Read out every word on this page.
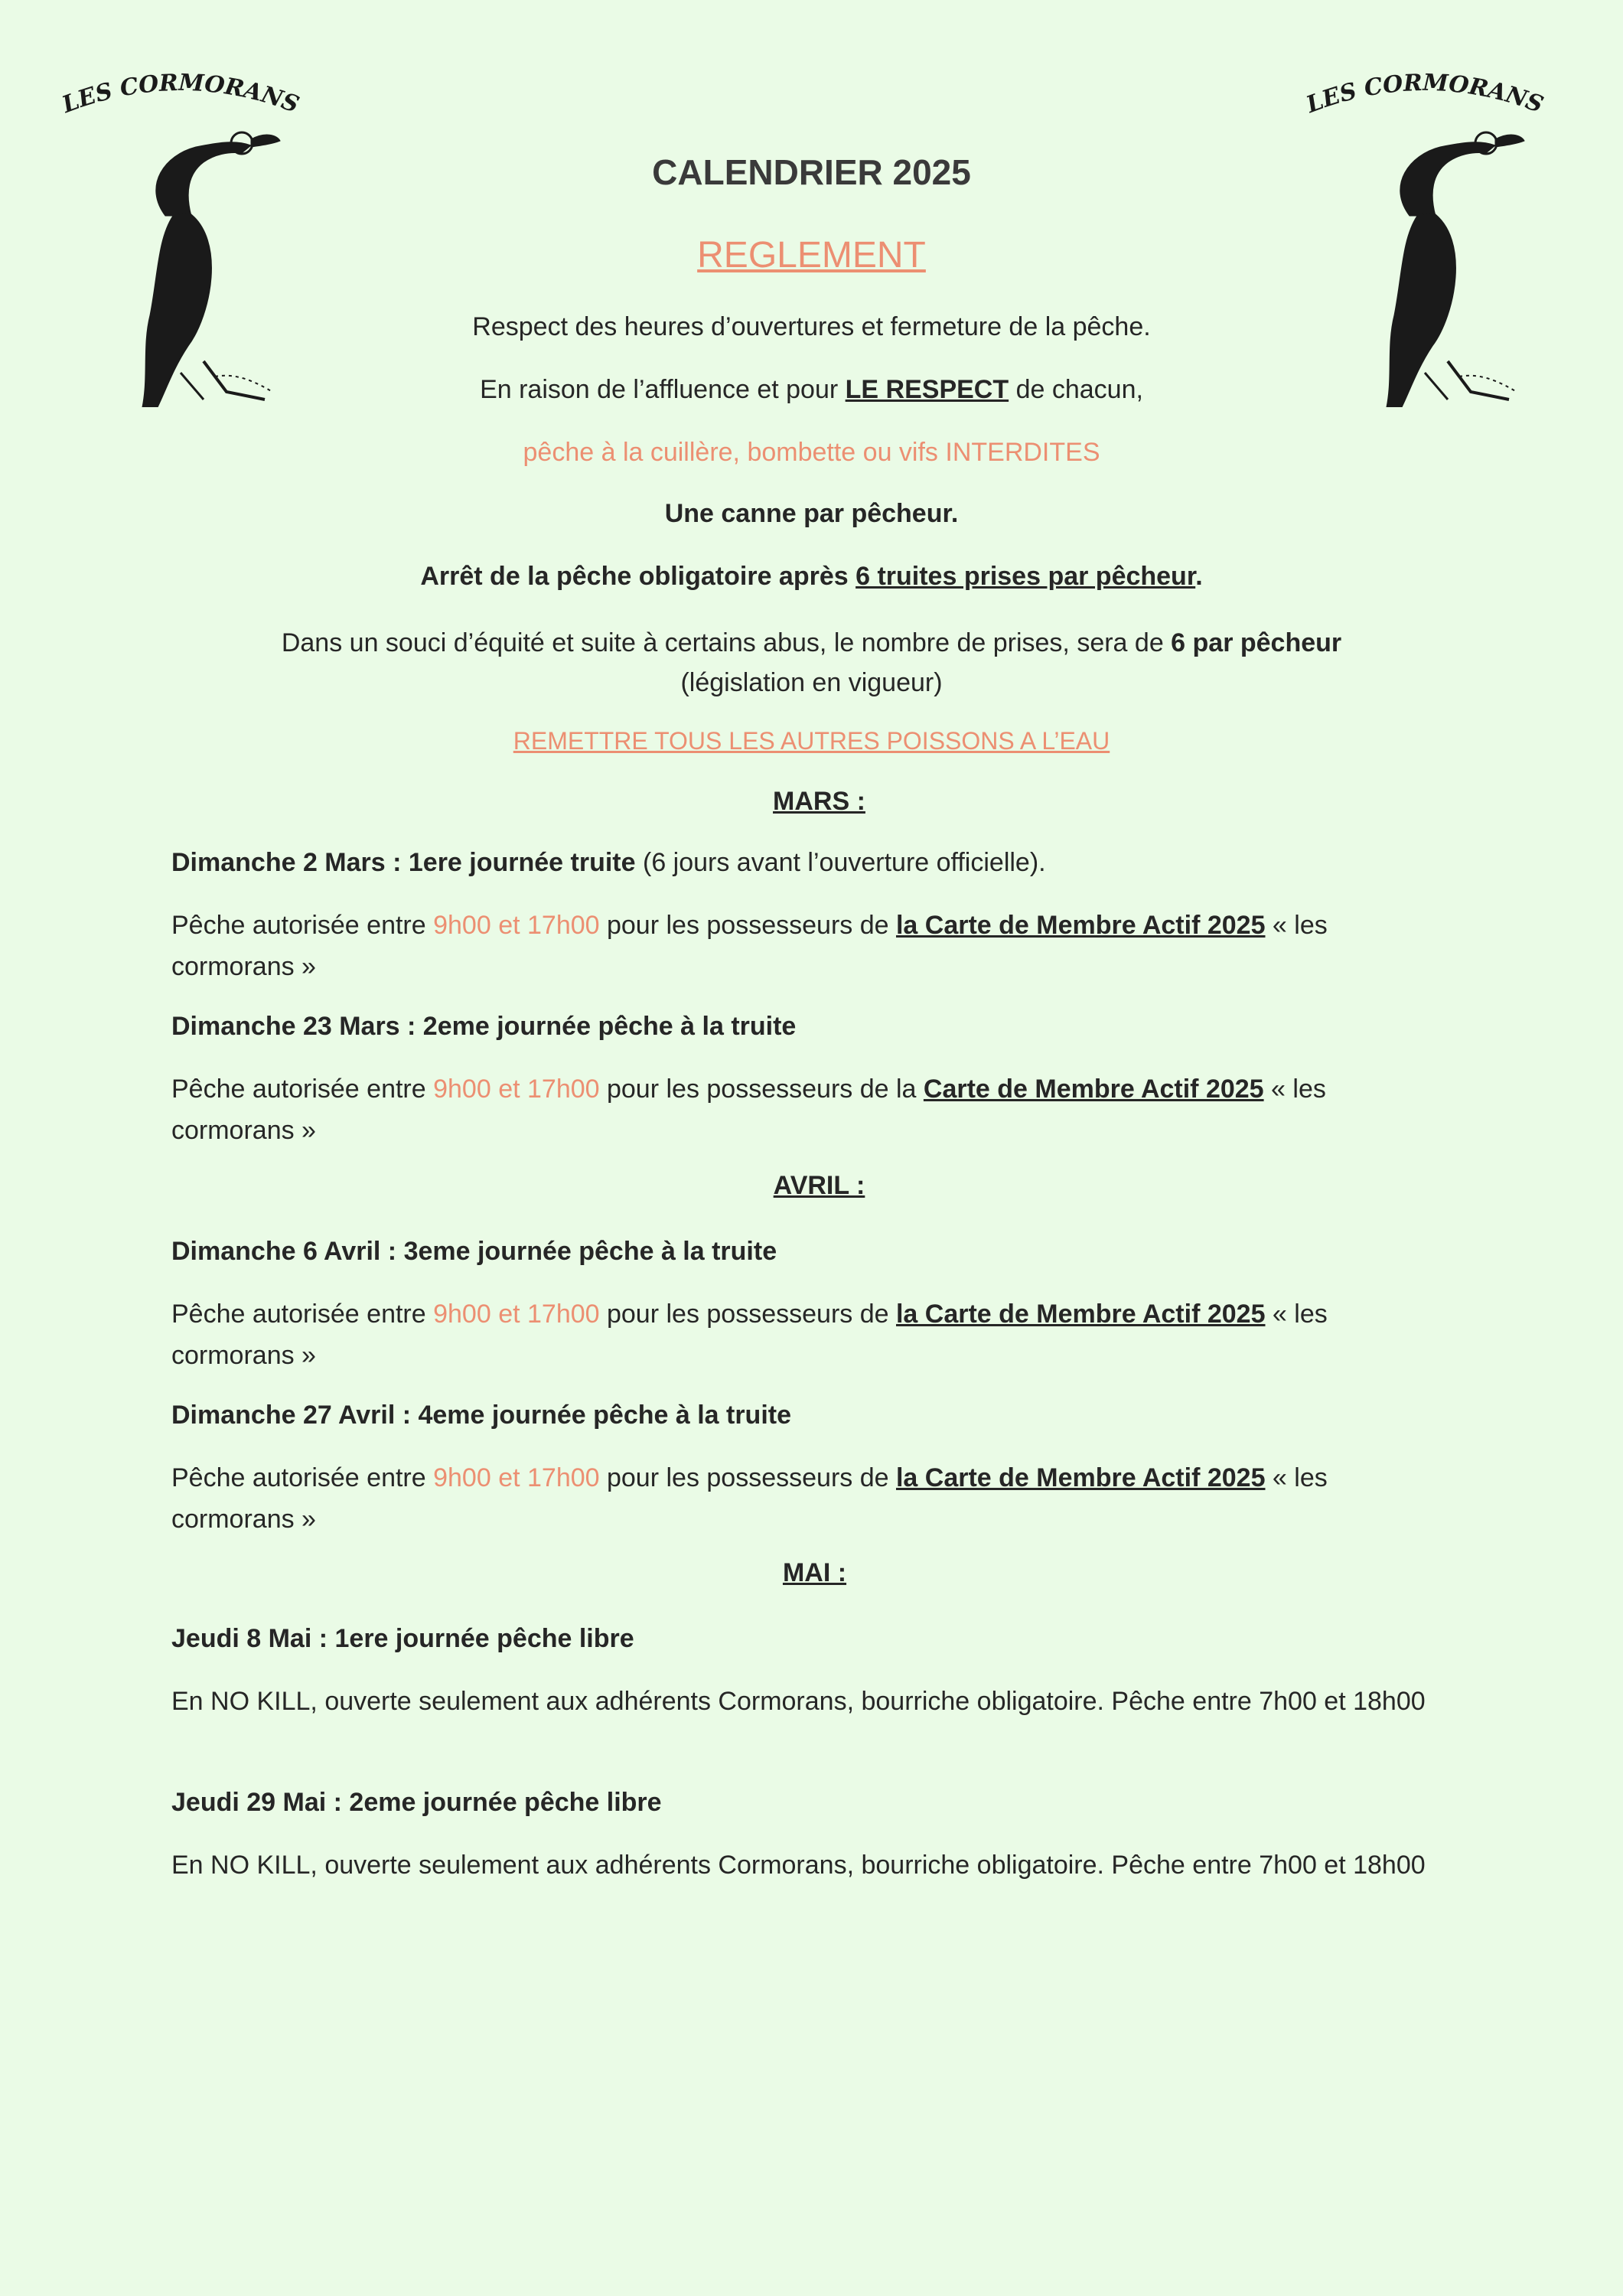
LES CORMORANS	LES CORMORANS
CALENDRIER 2025
REGLEMENT
Respect des heures d’ouvertures et fermeture de la pêche.
En raison de l’affluence et pour LE RESPECT de chacun,
pêche à la cuillère, bombette ou vifs INTERDITES
Une canne par pêcheur.
Arrêt de la pêche obligatoire après 6 truites prises par pêcheur.
Dans un souci d’équité et suite à certains abus, le nombre de prises, sera de 6 par pêcheur
(législation en vigueur)
REMETTRE TOUS LES AUTRES POISSONS A L’EAU
MARS :
Dimanche 2 Mars : 1ere journée truite (6 jours avant l’ouverture officielle).
Pêche autorisée entre 9h00 et 17h00 pour les possesseurs de la Carte de Membre Actif 2025 « les cormorans »
Dimanche 23 Mars : 2eme journée pêche à la truite
Pêche autorisée entre 9h00 et 17h00 pour les possesseurs de la Carte de Membre Actif 2025 « les cormorans »
AVRIL :
Dimanche 6 Avril : 3eme journée pêche à la truite
Pêche autorisée entre 9h00 et 17h00 pour les possesseurs de la Carte de Membre Actif 2025 « les cormorans »
Dimanche 27 Avril : 4eme journée pêche à la truite
Pêche autorisée entre 9h00 et 17h00 pour les possesseurs de la Carte de Membre Actif 2025 « les cormorans »
MAI :
Jeudi 8 Mai : 1ere journée pêche libre
En NO KILL, ouverte seulement aux adhérents Cormorans, bourriche obligatoire. Pêche entre 7h00 et 18h00
Jeudi 29 Mai : 2eme journée pêche libre
En NO KILL, ouverte seulement aux adhérents Cormorans, bourriche obligatoire. Pêche entre 7h00 et 18h00
